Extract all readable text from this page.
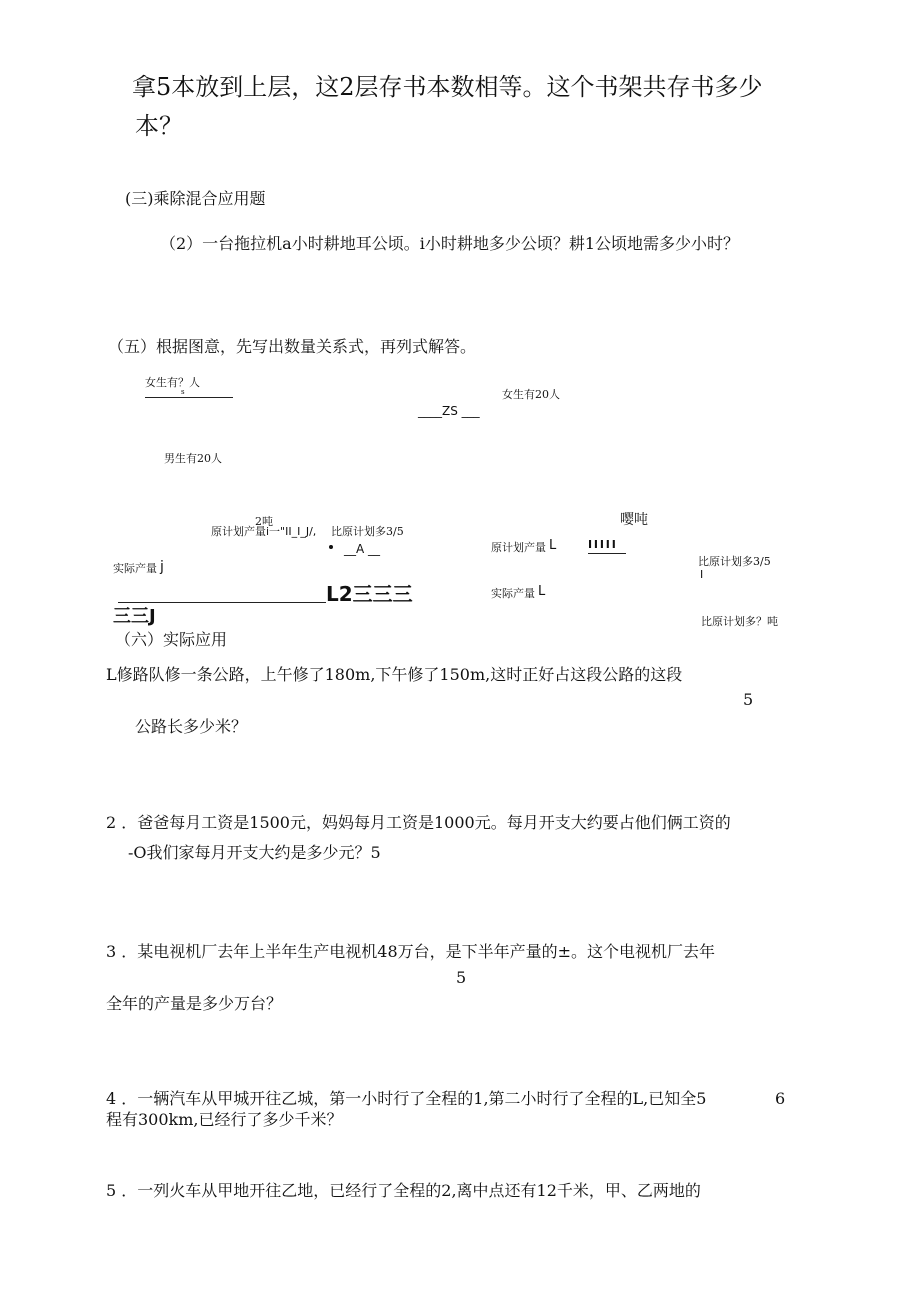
拿5本放到上层，这2层存书本数相等。这个书架共存书多少
本？
(三)乘除混合应用题
（2）一台拖拉机a小时耕地耳公顷。i小时耕地多少公顷？耕1公顷地需多少小时？
（五）根据图意，先写出数量关系式，再列式解答。
女生有？人
s	女生有20人
____ZS ___
男生有20人
2吨
原计划产量 i一"II_I_J/, 比原计划多3/5
__A __
实际产量 j
L2三三三
三三J
（六）实际应用
嘤吨
原计划产量 L	I I I I I
比原计划多3/5
I
实际产量 L
比原计划多？吨
L修路队修一条公路，上午修了180m,下午修了150m,这时正好占这段公路的这段
5
公路长多少米？
2 ．爸爸每月工资是1500元，妈妈每月工资是1000元。每月开支大约要占他们俩工资的
-O我们家每月开支大约是多少元？5
3 ．某电视机厂去年上半年生产电视机48万台，是下半年产量的±。这个电视机厂去年
5
全年的产量是多少万台？
4 ．一辆汽车从甲城开往乙城，第一小时行了全程的1,第二小时行了全程的L,已知全5	6
程有300km,已经行了多少千米？
5 ．一列火车从甲地开往乙地，已经行了全程的2,离中点还有12千米，甲、乙两地的
